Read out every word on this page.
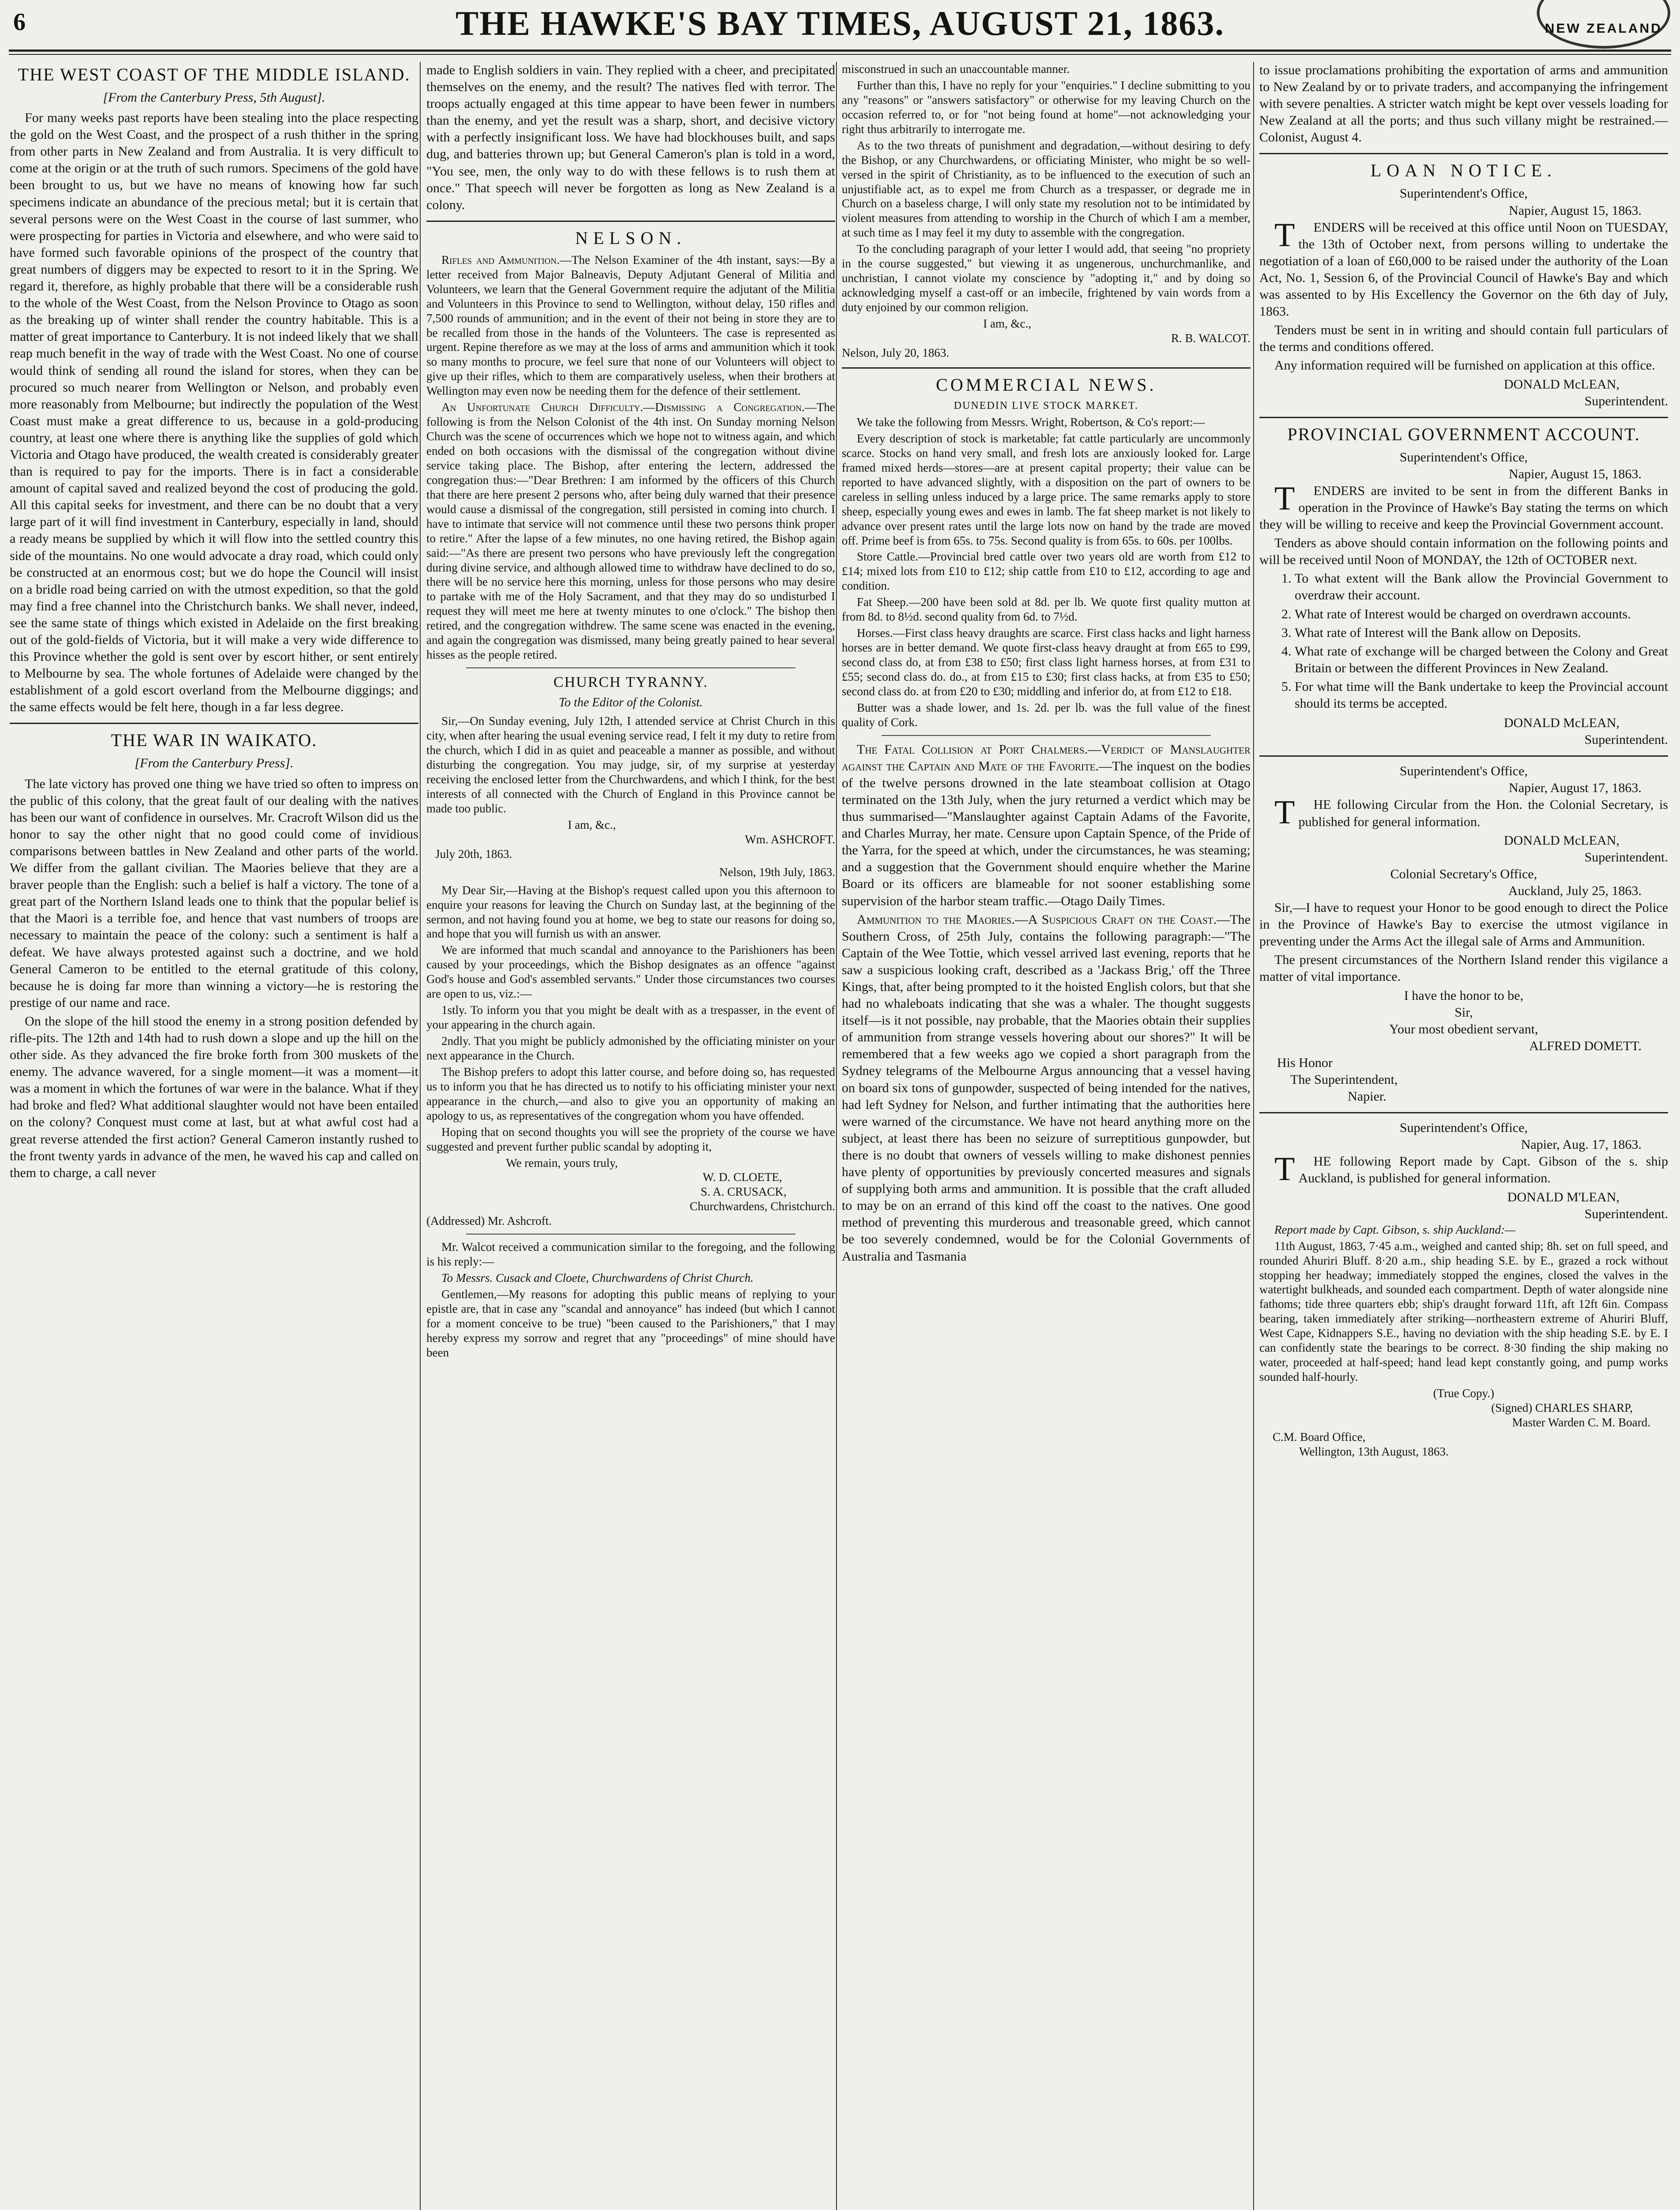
6	THE HAWKE'S BAY TIMES, AUGUST 21, 1863.	NEW ZEALAND
THE WEST COAST OF THE MIDDLE ISLAND.
[From the Canterbury Press, 5th August].

For many weeks past reports have been stealing into the place respecting the gold on the West Coast, and the prospect of a rush thither in the spring from other parts in New Zealand and from Australia. It is very difficult to come at the origin or at the truth of such rumors. Specimens of the gold have been brought to us, but we have no means of knowing how far such specimens indicate an abundance of the precious metal; but it is certain that several persons were on the West Coast in the course of last summer, who were prospecting for parties in Victoria and elsewhere, and who were said to have formed such favorable opinions of the prospect of the country that great numbers of diggers may be expected to resort to it in the Spring. We regard it, therefore, as highly probable that there will be a considerable rush to the whole of the West Coast, from the Nelson Province to Otago as soon as the breaking up of winter shall render the country habitable. This is a matter of great importance to Canterbury. It is not indeed likely that we shall reap much benefit in the way of trade with the West Coast. No one of course would think of sending all round the island for stores, when they can be procured so much nearer from Wellington or Nelson, and probably even more reasonably from Melbourne; but indirectly the population of the West Coast must make a great difference to us, because in a gold-producing country, at least one where there is anything like the supplies of gold which Victoria and Otago have produced, the wealth created is considerably greater than is required to pay for the imports. There is in fact a considerable amount of capital saved and realized beyond the cost of producing the gold. All this capital seeks for investment, and there can be no doubt that a very large part of it will find investment in Canterbury, especially in land, should a ready means be supplied by which it will flow into the settled country this side of the mountains. No one would advocate a dray road, which could only be constructed at an enormous cost; but we do hope the Council will insist on a bridle road being carried on with the utmost expedition, so that the gold may find a free channel into the Christchurch banks. We shall never, indeed, see the same state of things which existed in Adelaide on the first breaking out of the gold-fields of Victoria, but it will make a very wide difference to this Province whether the gold is sent over by escort hither, or sent entirely to Melbourne by sea. The whole fortunes of Adelaide were changed by the establishment of a gold escort overland from the Melbourne diggings; and the same effects would be felt here, though in a far less degree.

THE WAR IN WAIKATO.
[From the Canterbury Press].

The late victory has proved one thing we have tried so often to impress on the public of this colony, that the great fault of our dealing with the natives has been our want of confidence in ourselves. Mr. Cracroft Wilson did us the honor to say the other night that no good could come of invidious comparisons between battles in New Zealand and other parts of the world. We differ from the gallant civilian. The Maories believe that they are a braver people than the English: such a belief is half a victory. The tone of a great part of the Northern Island leads one to think that the popular belief is that the Maori is a terrible foe, and hence that vast numbers of troops are necessary to maintain the peace of the colony: such a sentiment is half a defeat. We have always protested against such a doctrine, and we hold General Cameron to be entitled to the eternal gratitude of this colony, because he is doing far more than winning a victory—he is restoring the prestige of our name and race.

On the slope of the hill stood the enemy in a strong position defended by rifle-pits. The 12th and 14th had to rush down a slope and up the hill on the other side. As they advanced the fire broke forth from 300 muskets of the enemy. The advance wavered, for a single moment—it was a moment—it was a moment in which the fortunes of war were in the balance. What if they had broke and fled? What additional slaughter would not have been entailed on the colony? Conquest must come at last, but at what awful cost had a great reverse attended the first action? General Cameron instantly rushed to the front twenty yards in advance of the men, he waved his cap and called on them to charge, a call never

made to English soldiers in vain. They replied with a cheer, and precipitated themselves on the enemy, and the result? The natives fled with terror. The troops actually engaged at this time appear to have been fewer in numbers than the enemy, and yet the result was a sharp, short, and decisive victory with a perfectly insignificant loss. We have had blockhouses built, and saps dug, and batteries thrown up; but General Cameron's plan is told in a word, "You see, men, the only way to do with these fellows is to rush them at once." That speech will never be forgotten as long as New Zealand is a colony.

NELSON.

Rifles and Ammunition.—The Nelson Examiner of the 4th instant, says:—By a letter received from Major Balneavis, Deputy Adjutant General of Militia and Volunteers, we learn that the General Government require the adjutant of the Militia and Volunteers in this Province to send to Wellington, without delay, 150 rifles and 7,500 rounds of ammunition; and in the event of their not being in store they are to be recalled from those in the hands of the Volunteers. The case is represented as urgent. Repine therefore as we may at the loss of arms and ammunition which it took so many months to procure, we feel sure that none of our Volunteers will object to give up their rifles, which to them are comparatively useless, when their brothers at Wellington may even now be needing them for the defence of their settlement.

An Unfortunate Church Difficulty.—Dismissing a Congregation.—The following is from the Nelson Colonist of the 4th inst. On Sunday morning Nelson Church was the scene of occurrences which we hope not to witness again, and which ended on both occasions with the dismissal of the congregation without divine service taking place. The Bishop, after entering the lectern, addressed the congregation thus:—"Dear Brethren: I am informed by the officers of this Church that there are here present 2 persons who, after being duly warned that their presence would cause a dismissal of the congregation, still persisted in coming into church. I have to intimate that service will not commence until these two persons think proper to retire." After the lapse of a few minutes, no one having retired, the Bishop again said:—"As there are present two persons who have previously left the congregation during divine service, and although allowed time to withdraw have declined to do so, there will be no service here this morning, unless for those persons who may desire to partake with me of the Holy Sacrament, and that they may do so undisturbed I request they will meet me here at twenty minutes to one o'clock." The bishop then retired, and the congregation withdrew. The same scene was enacted in the evening, and again the congregation was dismissed, many being greatly pained to hear several hisses as the people retired.

CHURCH TYRANNY.
To the Editor of the Colonist.

Sir,—On Sunday evening, July 12th, I attended service at Christ Church in this city, when after hearing the usual evening service read, I felt it my duty to retire from the church, which I did in as quiet and peaceable a manner as possible, and without disturbing the congregation. You may judge, sir, of my surprise at yesterday receiving the enclosed letter from the Churchwardens, and which I think, for the best interests of all connected with the Church of England in this Province cannot be made too public.

I am, &c.,
Wm. ASHCROFT.
July 20th, 1863.
Nelson, 19th July, 1863.

My Dear Sir,—Having at the Bishop's request called upon you this afternoon to enquire your reasons for leaving the Church on Sunday last, at the beginning of the sermon, and not having found you at home, we beg to state our reasons for doing so, and hope that you will furnish us with an answer.

We are informed that much scandal and annoyance to the Parishioners has been caused by your proceedings, which the Bishop designates as an offence "against God's house and God's assembled servants." Under those circumstances two courses are open to us, viz.:—

1stly. To inform you that you might be dealt with as a trespasser, in the event of your appearing in the church again.

2ndly. That you might be publicly admonished by the officiating minister on your next appearance in the Church.

The Bishop prefers to adopt this latter course, and before doing so, has requested us to inform you that he has directed us to notify to his officiating minister your next appearance in the church,—and also to give you an opportunity of making an apology to us, as representatives of the congregation whom you have offended.

Hoping that on second thoughts you will see the propriety of the course we have suggested and prevent further public scandal by adopting it,

We remain, yours truly,
W. D. CLOETE,
S. A. CRUSACK,
Churchwardens, Christchurch.
(Addressed) Mr. Ashcroft.

Mr. Walcot received a communication similar to the foregoing, and the following is his reply:—

To Messrs. Cusack and Cloete, Churchwardens of Christ Church.

Gentlemen,—My reasons for adopting this public means of replying to your epistle are, that in case any "scandal and annoyance" has indeed (but which I cannot for a moment conceive to be true) "been caused to the Parishioners," that I may hereby express my sorrow and regret that any "proceedings" of mine should have been

misconstrued in such an unaccountable manner.

Further than this, I have no reply for your "enquiries." I decline submitting to you any "reasons" or "answers satisfactory" or otherwise for my leaving Church on the occasion referred to, or for "not being found at home"—not acknowledging your right thus arbitrarily to interrogate me.

As to the two threats of punishment and degradation,—without desiring to defy the Bishop, or any Churchwardens, or officiating Minister, who might be so well-versed in the spirit of Christianity, as to be influenced to the execution of such an unjustifiable act, as to expel me from Church as a trespasser, or degrade me in Church on a baseless charge, I will only state my resolution not to be intimidated by violent measures from attending to worship in the Church of which I am a member, at such time as I may feel it my duty to assemble with the congregation.

To the concluding paragraph of your letter I would add, that seeing "no propriety in the course suggested," but viewing it as ungenerous, unchurchmanlike, and unchristian, I cannot violate my conscience by "adopting it," and by doing so acknowledging myself a cast-off or an imbecile, frightened by vain words from a duty enjoined by our common religion.

I am, &c.,
R. B. WALCOT.
Nelson, July 20, 1863.
COMMERCIAL NEWS.
DUNEDIN LIVE STOCK MARKET.

We take the following from Messrs. Wright, Robertson, & Co's report:—

Every description of stock is marketable; fat cattle particularly are uncommonly scarce. Stocks on hand very small, and fresh lots are anxiously looked for. Large framed mixed herds—stores—are at present capital property; their value can be reported to have advanced slightly, with a disposition on the part of owners to be careless in selling unless induced by a large price. The same remarks apply to store sheep, especially young ewes and ewes in lamb. The fat sheep market is not likely to advance over present rates until the large lots now on hand by the trade are moved off. Prime beef is from 65s. to 75s. Second quality is from 65s. to 60s. per 100lbs.

Store Cattle.—Provincial bred cattle over two years old are worth from £12 to £14; mixed lots from £10 to £12; ship cattle from £10 to £12, according to age and condition.

Fat Sheep.—200 have been sold at 8d. per lb. We quote first quality mutton at from 8d. to 8½d. second quality from 6d. to 7½d.

Horses.—First class heavy draughts are scarce. First class hacks and light harness horses are in better demand. We quote first-class heavy draught at from £65 to £99, second class do, at from £38 to £50; first class light harness horses, at from £31 to £55; second class do. do., at from £15 to £30; first class hacks, at from £35 to £50; second class do. at from £20 to £30; middling and inferior do, at from £12 to £18.

Butter was a shade lower, and 1s. 2d. per lb. was the full value of the finest quality of Cork.

The Fatal Collision at Port Chalmers.—Verdict of Manslaughter against the Captain and Mate of the Favorite.—The inquest on the bodies of the twelve persons drowned in the late steamboat collision at Otago terminated on the 13th July, when the jury returned a verdict which may be thus summarised—"Manslaughter against Captain Adams of the Favorite, and Charles Murray, her mate. Censure upon Captain Spence, of the Pride of the Yarra, for the speed at which, under the circumstances, he was steaming; and a suggestion that the Government should enquire whether the Marine Board or its officers are blameable for not sooner establishing some supervision of the harbor steam traffic.—Otago Daily Times.

Ammunition to the Maories.—A Suspicious Craft on the Coast.—The Southern Cross, of 25th July, contains the following paragraph:—"The Captain of the Wee Tottie, which vessel arrived last evening, reports that he saw a suspicious looking craft, described as a 'Jackass Brig,' off the Three Kings, that, after being prompted to it the hoisted English colors, but that she had no whaleboats indicating that she was a whaler. The thought suggests itself—is it not possible, nay probable, that the Maories obtain their supplies of ammunition from strange vessels hovering about our shores?" It will be remembered that a few weeks ago we copied a short paragraph from the Sydney telegrams of the Melbourne Argus announcing that a vessel having on board six tons of gunpowder, suspected of being intended for the natives, had left Sydney for Nelson, and further intimating that the authorities here were warned of the circumstance. We have not heard anything more on the subject, at least there has been no seizure of surreptitious gunpowder, but there is no doubt that owners of vessels willing to make dishonest pennies have plenty of opportunities by previously concerted measures and signals of supplying both arms and ammunition. It is possible that the craft alluded to may be on an errand of this kind off the coast to the natives. One good method of preventing this murderous and treasonable greed, which cannot be too severely condemned, would be for the Colonial Governments of Australia and Tasmania

to issue proclamations prohibiting the exportation of arms and ammunition to New Zealand by or to private traders, and accompanying the infringement with severe penalties. A stricter watch might be kept over vessels loading for New Zealand at all the ports; and thus such villany might be restrained.—Colonist, August 4.

LOAN NOTICE.
Superintendent's Office,
Napier, August 15, 1863.

TENDERS will be received at this office until Noon on TUESDAY, the 13th of October next, from persons willing to undertake the negotiation of a loan of £60,000 to be raised under the authority of the Loan Act, No. 1, Session 6, of the Provincial Council of Hawke's Bay and which was assented to by His Excellency the Governor on the 6th day of July, 1863.

Tenders must be sent in in writing and should contain full particulars of the terms and conditions offered.

Any information required will be furnished on application at this office.

DONALD McLEAN,
Superintendent.
PROVINCIAL GOVERNMENT ACCOUNT.
Superintendent's Office,
Napier, August 15, 1863.

TENDERS are invited to be sent in from the different Banks in operation in the Province of Hawke's Bay stating the terms on which they will be willing to receive and keep the Provincial Government account.

Tenders as above should contain information on the following points and will be received until Noon of MONDAY, the 12th of OCTOBER next.

1. To what extent will the Bank allow the Provincial Government to overdraw their account.
2. What rate of Interest would be charged on overdrawn accounts.
3. What rate of Interest will the Bank allow on Deposits.
4. What rate of exchange will be charged between the Colony and Great Britain or between the different Provinces in New Zealand.
5. For what time will the Bank undertake to keep the Provincial account should its terms be accepted.
DONALD McLEAN,
Superintendent.
Superintendent's Office,
Napier, August 17, 1863.

THE following Circular from the Hon. the Colonial Secretary, is published for general information.

DONALD McLEAN,
Superintendent.
Colonial Secretary's Office,
Auckland, July 25, 1863.

Sir,—I have to request your Honor to be good enough to direct the Police in the Province of Hawke's Bay to exercise the utmost vigilance in preventing under the Arms Act the illegal sale of Arms and Ammunition.

The present circumstances of the Northern Island render this vigilance a matter of vital importance.

I have the honor to be,
Sir,
Your most obedient servant,
ALFRED DOMETT.
His Honor
The Superintendent,
Napier.
Superintendent's Office,
Napier, Aug. 17, 1863.

THE following Report made by Capt. Gibson of the s. ship Auckland, is published for general information.

DONALD M'LEAN,
Superintendent.

Report made by Capt. Gibson, s. ship Auckland:—

11th August, 1863, 7·45 a.m., weighed and canted ship; 8h. set on full speed, and rounded Ahuriri Bluff. 8·20 a.m., ship heading S.E. by E., grazed a rock without stopping her headway; immediately stopped the engines, closed the valves in the watertight bulkheads, and sounded each compartment. Depth of water alongside nine fathoms; tide three quarters ebb; ship's draught forward 11ft, aft 12ft 6in. Compass bearing, taken immediately after striking—northeastern extreme of Ahuriri Bluff, West Cape, Kidnappers S.E., having no deviation with the ship heading S.E. by E. I can confidently state the bearings to be correct. 8·30 finding the ship making no water, proceeded at half-speed; hand lead kept constantly going, and pump works sounded half-hourly.

(True Copy.)
(Signed) CHARLES SHARP,
Master Warden C. M. Board.
C.M. Board Office,
Wellington, 13th August, 1863.
